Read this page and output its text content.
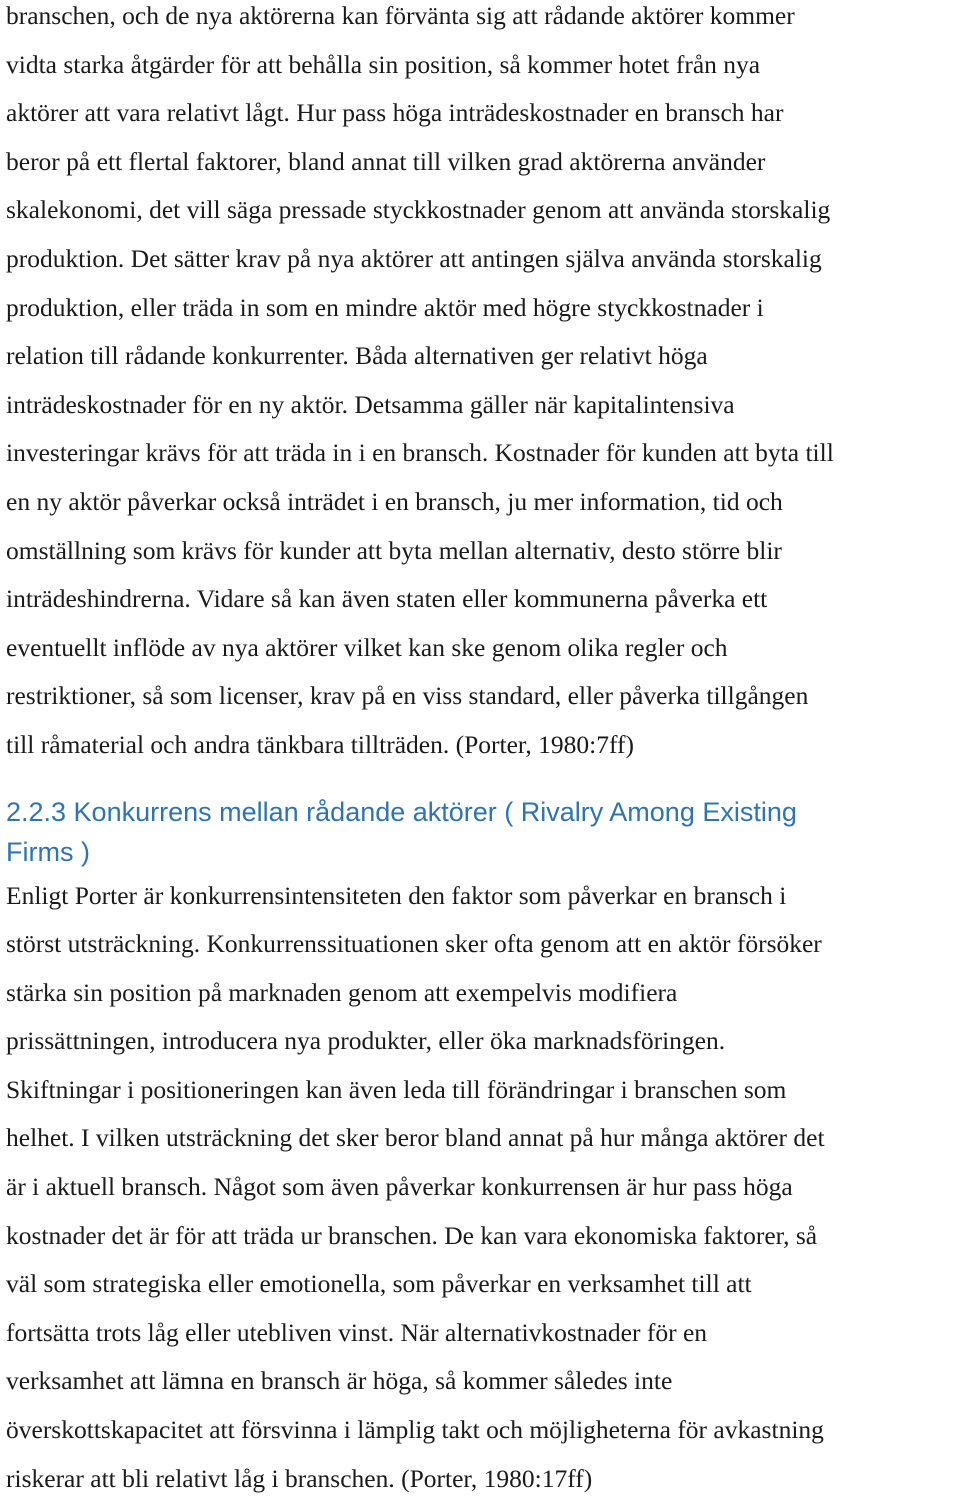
branschen, och de nya aktörerna kan förvänta sig att rådande aktörer kommer
vidta starka åtgärder för att behålla sin position, så kommer hotet från nya
aktörer att vara relativt lågt. Hur pass höga inträdeskostnader en bransch har
beror på ett flertal faktorer, bland annat till vilken grad aktörerna använder
skalekonomi, det vill säga pressade styckkostnader genom att använda storskalig
produktion. Det sätter krav på nya aktörer att antingen själva använda storskalig
produktion, eller träda in som en mindre aktör med högre styckkostnader i
relation till rådande konkurrenter. Båda alternativen ger relativt höga
inträdeskostnader för en ny aktör. Detsamma gäller när kapitalintensiva
investeringar krävs för att träda in i en bransch. Kostnader för kunden att byta till
en ny aktör påverkar också inträdet i en bransch, ju mer information, tid och
omställning som krävs för kunder att byta mellan alternativ, desto större blir
inträdeshindrerna. Vidare så kan även staten eller kommunerna påverka ett
eventuellt inflöde av nya aktörer vilket kan ske genom olika regler och
restriktioner, så som licenser, krav på en viss standard, eller påverka tillgången
till råmaterial och andra tänkbara tillträden. (Porter, 1980:7ff)

2.2.3 Konkurrens mellan rådande aktörer ( Rivalry Among Existing
Firms )

Enligt Porter är konkurrensintensiteten den faktor som påverkar en bransch i
störst utsträckning. Konkurrenssituationen sker ofta genom att en aktör försöker
stärka sin position på marknaden genom att exempelvis modifiera
prissättningen, introducera nya produkter, eller öka marknadsföringen.
Skiftningar i positioneringen kan även leda till förändringar i branschen som
helhet. I vilken utsträckning det sker beror bland annat på hur många aktörer det
är i aktuell bransch. Något som även påverkar konkurrensen är hur pass höga
kostnader det är för att träda ur branschen. De kan vara ekonomiska faktorer, så
väl som strategiska eller emotionella, som påverkar en verksamhet till att
fortsätta trots låg eller utebliven vinst. När alternativkostnader för en
verksamhet att lämna en bransch är höga, så kommer således inte
överskottskapacitet att försvinna i lämplig takt och möjligheterna för avkastning
riskerar att bli relativt låg i branschen. (Porter, 1980:17ff)
